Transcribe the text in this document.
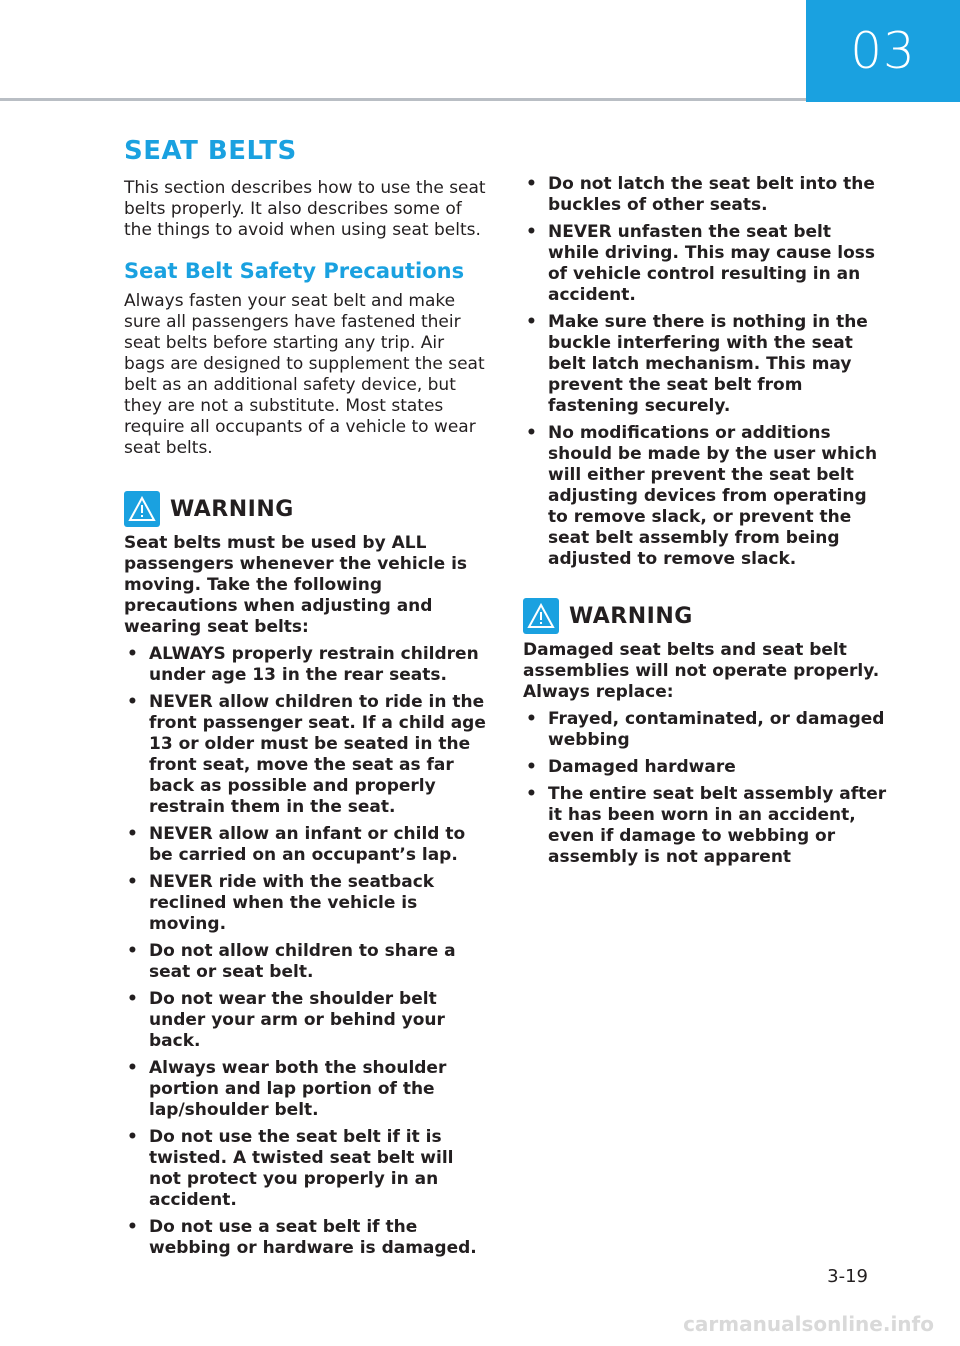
03
SEAT BELTS

This section describes how to use the seat belts properly. It also describes some of the things to avoid when using seat belts.

Seat Belt Safety Precautions

Always fasten your seat belt and make sure all passengers have fastened their seat belts before starting any trip. Air bags are designed to supplement the seat belt as an additional safety device, but they are not a substitute. Most states require all occupants of a vehicle to wear seat belts.

WARNING

Seat belts must be used by ALL passengers whenever the vehicle is moving. Take the following precautions when adjusting and wearing seat belts:

• ALWAYS properly restrain children under age 13 in the rear seats.
• NEVER allow children to ride in the front passenger seat. If a child age 13 or older must be seated in the front seat, move the seat as far back as possible and properly restrain them in the seat.
• NEVER allow an infant or child to be carried on an occupant’s lap.
• NEVER ride with the seatback reclined when the vehicle is moving.
• Do not allow children to share a seat or seat belt.
• Do not wear the shoulder belt under your arm or behind your back.
• Always wear both the shoulder portion and lap portion of the lap/shoulder belt.
• Do not use the seat belt if it is twisted. A twisted seat belt will not protect you properly in an accident.
• Do not use a seat belt if the webbing or hardware is damaged.
• Do not latch the seat belt into the buckles of other seats.
• NEVER unfasten the seat belt while driving. This may cause loss of vehicle control resulting in an accident.
• Make sure there is nothing in the buckle interfering with the seat belt latch mechanism. This may prevent the seat belt from fastening securely.
• No modifications or additions should be made by the user which will either prevent the seat belt adjusting devices from operating to remove slack, or prevent the seat belt assembly from being adjusted to remove slack.
WARNING

Damaged seat belts and seat belt assemblies will not operate properly. Always replace:

• Frayed, contaminated, or damaged webbing
• Damaged hardware
• The entire seat belt assembly after it has been worn in an accident, even if damage to webbing or assembly is not apparent
3-19
carmanualsonline.info
